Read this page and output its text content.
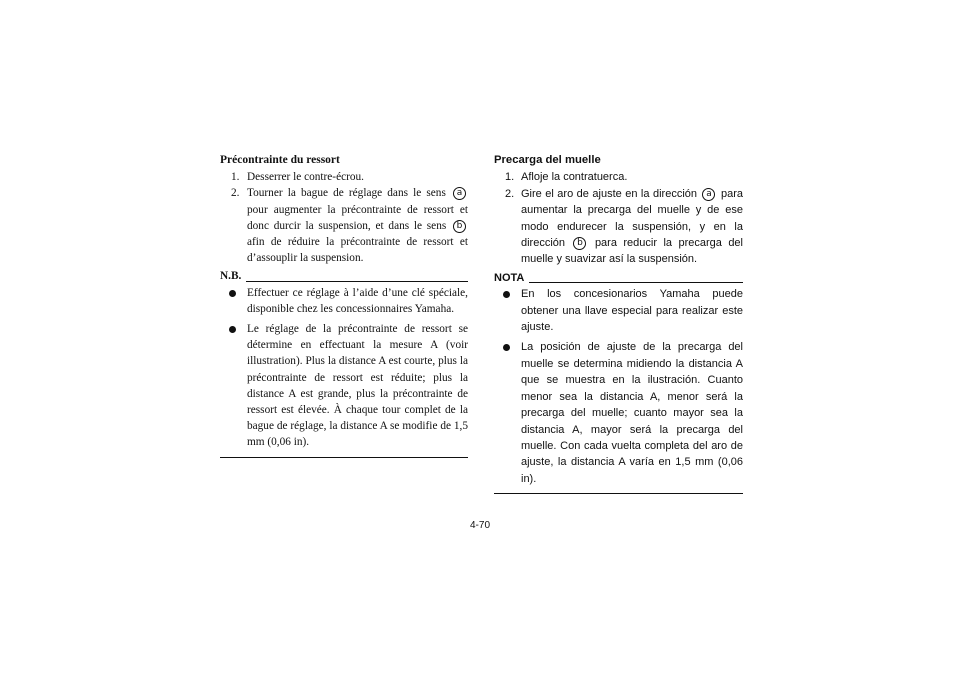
Précontrainte du ressort
1. Desserrer le contre-écrou.
2. Tourner la bague de réglage dans le sens a pour augmenter la précontrainte de ressort et donc durcir la suspension, et dans le sens b afin de réduire la précontrainte de ressort et d’assouplir la suspension.
N.B.
Effectuer ce réglage à l’aide d’une clé spéciale, disponible chez les concessionnaires Yamaha.
Le réglage de la précontrainte de ressort se détermine en effectuant la mesure A (voir illustration). Plus la distance A est courte, plus la précontrainte de ressort est réduite; plus la distance A est grande, plus la précontrainte de ressort est élevée. À chaque tour complet de la bague de réglage, la distance A se modifie de 1,5 mm (0,06 in).
Precarga del muelle
1. Afloje la contratuerca.
2. Gire el aro de ajuste en la dirección a para aumentar la precarga del muelle y de ese modo endurecer la suspensión, y en la dirección b para reducir la precarga del muelle y suavizar así la suspensión.
NOTA
En los concesionarios Yamaha puede obtener una llave especial para realizar este ajuste.
La posición de ajuste de la precarga del muelle se determina midiendo la distancia A que se muestra en la ilustración. Cuanto menor sea la distancia A, menor será la precarga del muelle; cuanto mayor sea la distancia A, mayor será la precarga del muelle. Con cada vuelta completa del aro de ajuste, la distancia A varía en 1,5 mm (0,06 in).
4-70
